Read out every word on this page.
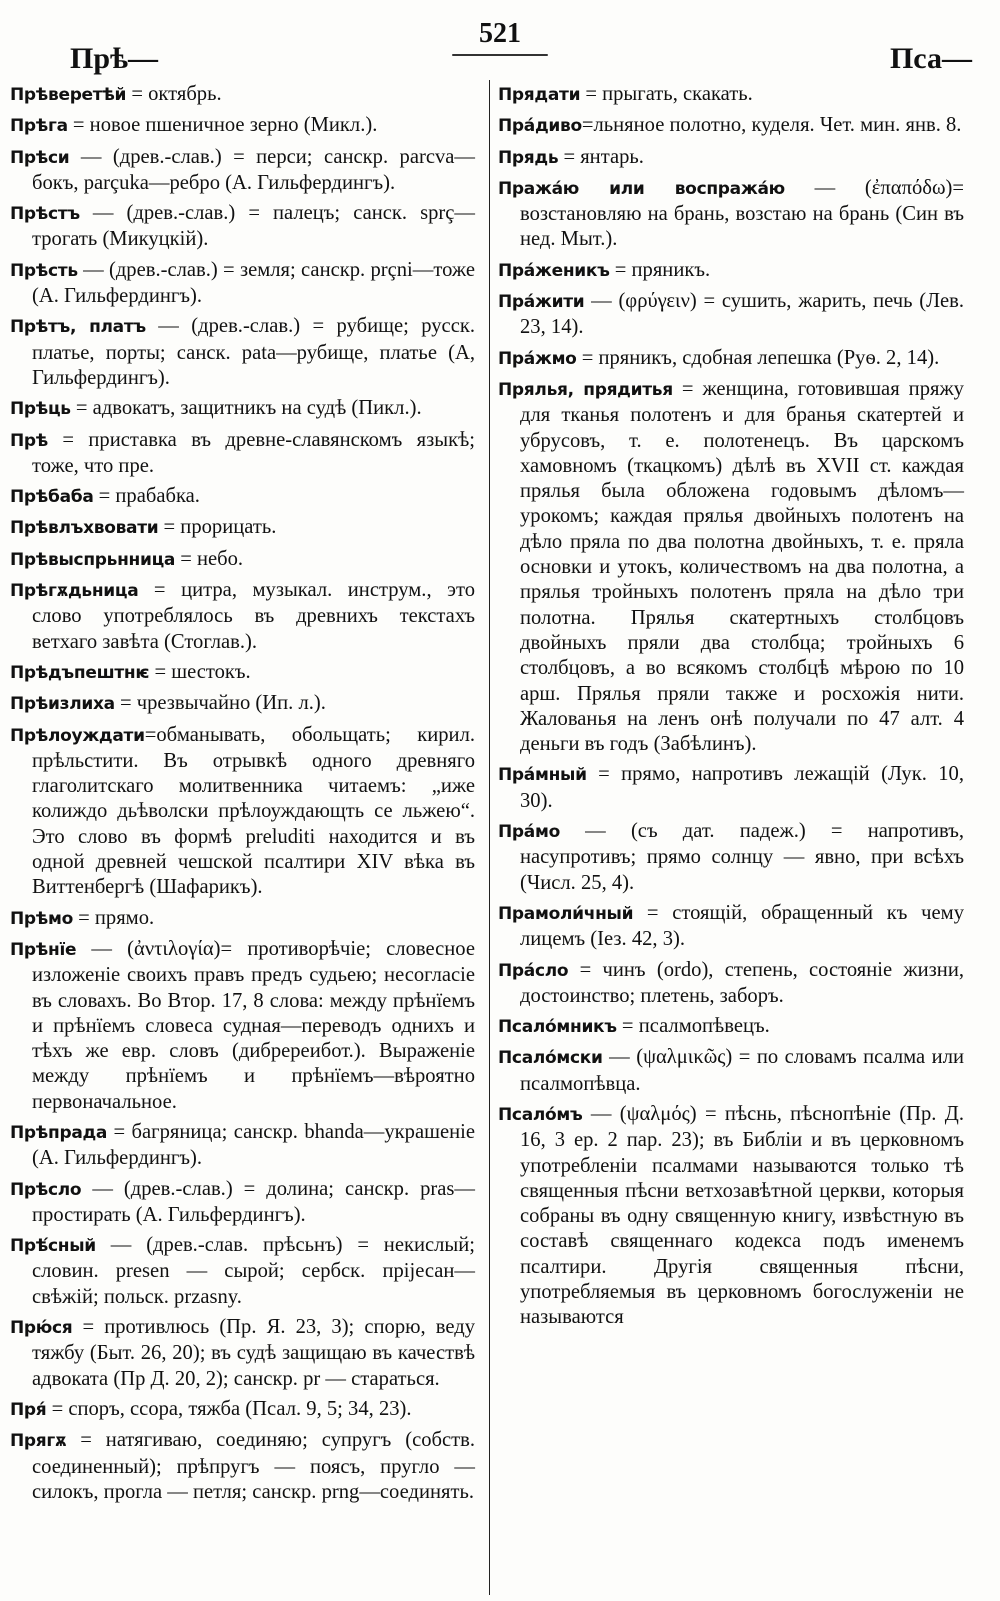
521
Прѣ—	Пса—

Прѣверетѣй = октябрь.

Прѣга = новое пшеничное зерно (Микл.).

Прѣси — (древ.-слав.) = перси; санскр. parcva—бокъ, parçuka—ребро (А. Гильфердингъ).

Прѣстъ — (древ.-слав.) = палецъ; санск. sprç—трогать (Микуцкій).

Прѣсть — (древ.-слав.) = земля; санскр. prçni—тоже (А. Гильфердингъ).

Прѣтъ, платъ — (древ.-слав.) = рубище; русск. платье, порты; санск. pata—рубище, платье (А, Гильфердингъ).

Прѣць = адвокатъ, защитникъ на судѣ (Пикл.).

Прѣ = приставка въ древне-славянскомъ языкѣ; тоже, что пре.

Прѣбаба = прабабка.

Прѣвлъхвовати = прорицать.

Прѣвыспрьнница = небо.

Прѣгѫдьница = цитра, музыкал. инструм., это слово употреблялось въ древнихъ текстахъ ветхаго завѣта (Стоглав.).

Прѣдъпештнѥ = шестокъ.

Прѣизлиха = чрезвычайно (Ип. л.).

Прѣлоуждати=обманывать, обольщать; кирил. прѣльстити. Въ отрывкѣ одного древняго глаголитскаго молитвенника читаемъ: „иже колиждо дьѣволски прѣлоуждающть се льжею“. Это слово въ формѣ preluditi находится и въ одной древней чешской псалтири XIV вѣка въ Виттенбергѣ (Шафарикъ).

Прѣмо = прямо.

Прѣнїе — (ἀντιλογία)= противорѣчіе; словесное изложеніе своихъ правъ предъ судьею; несогласіе въ словахъ. Во Втор. 17, 8 слова: между прѣнїемъ и прѣнїемъ словеса судная—переводъ однихъ и тѣхъ же евр. словъ (дибререибот.). Выраженіе между прѣнїемъ и прѣнїемъ—вѣроятно первоначальное.

Прѣпрада = багряница; санскр. bhanda—украшеніе (А. Гильфердингъ).

Прѣсло — (древ.-слав.) = долина; санскр. pras—простирать (А. Гильфердингъ).

Прѣ́сный — (древ.-слав. прѣсьнъ) = некислый; словин. presen — сырой; сербск. прijесан—свѣжій; польск. przasny.

Прю́ся = противлюсь (Пр. Я. 23, 3); спорю, веду тяжбу (Быт. 26, 20); въ судѣ защищаю въ качествѣ адвоката (Пр Д. 20, 2); санскр. pr — стараться.

Пря́ = споръ, ссора, тяжба (Псал. 9, 5; 34, 23).

Прягѫ = натягиваю, соединяю; супругъ (собств. соединенный); прѣпругъ — поясъ, пругло — силокъ, прогла — петля; санскр. prng—соединять.

Прядати = прыгать, скакать.

Пра́дивο=льняное полотно, куделя. Чет. мин. янв. 8.

Прядь = янтарь.

Пража́ю или воспража́ю — (ἐπαπόδω)= возстановляю на брань, возстаю на брань (Син въ нед. Мыт.).

Пра́женикъ = пряникъ.

Пра́жити — (φρύγειν) = сушить, жарить, печь (Лев. 23, 14).

Пра́жмо = пряникъ, сдобная лепешка (Руѳ. 2, 14).

Прялья, прядитья = женщина, готовившая пряжу для тканья полотенъ и для бранья скатертей и убрусовъ, т. е. полотенецъ. Въ царскомъ хамовномъ (ткацкомъ) дѣлѣ въ XVII ст. каждая прялья была обложена годовымъ дѣломъ—урокомъ; каждая прялья двойныхъ полотенъ на дѣло пряла по два полотна двойныхъ, т. е. пряла основки и утокъ, количествомъ на два полотна, а прялья тройныхъ полотенъ пряла на дѣло три полотна. Прялья скатертныхъ столбцовъ двойныхъ пряли два столбца; тройныхъ 6 столбцовъ, а во всякомъ столбцѣ мѣрою по 10 арш. Прялья пряли также и росхожія нити. Жалованья на ленъ онѣ получали по 47 алт. 4 деньги въ годъ (Забѣлинъ).

Пра́мный = прямо, напротивъ лежащій (Лук. 10, 30).

Пра́мо — (съ дат. падеж.) = напротивъ, насупротивъ; прямо солнцу — явно, при всѣхъ (Числ. 25, 4).

Прамоли́чный = стоящій, обращенный къ чему лицемъ (Iез. 42, 3).

Пра́сло = чинъ (ordo), степень, состояніе жизни, достоинство; плетень, заборъ.

Псало́мникъ = псалмопѣвецъ.

Псало́мски — (ψαλμικῶς) = по словамъ псалма или псалмопѣвца.

Псало́мъ — (ψαλμός) = пѣснь, пѣснопѣніе (Пр. Д. 16, 3 ер. 2 пар. 23); въ Библіи и въ церковномъ употребленіи псалмами называются только тѣ священныя пѣсни ветхозавѣтной церкви, которыя собраны въ одну священную книгу, извѣстную въ составѣ священнаго кодекса подъ именемъ псалтири. Другія священныя пѣсни, употребляемыя въ церковномъ богослуженіи не называются
